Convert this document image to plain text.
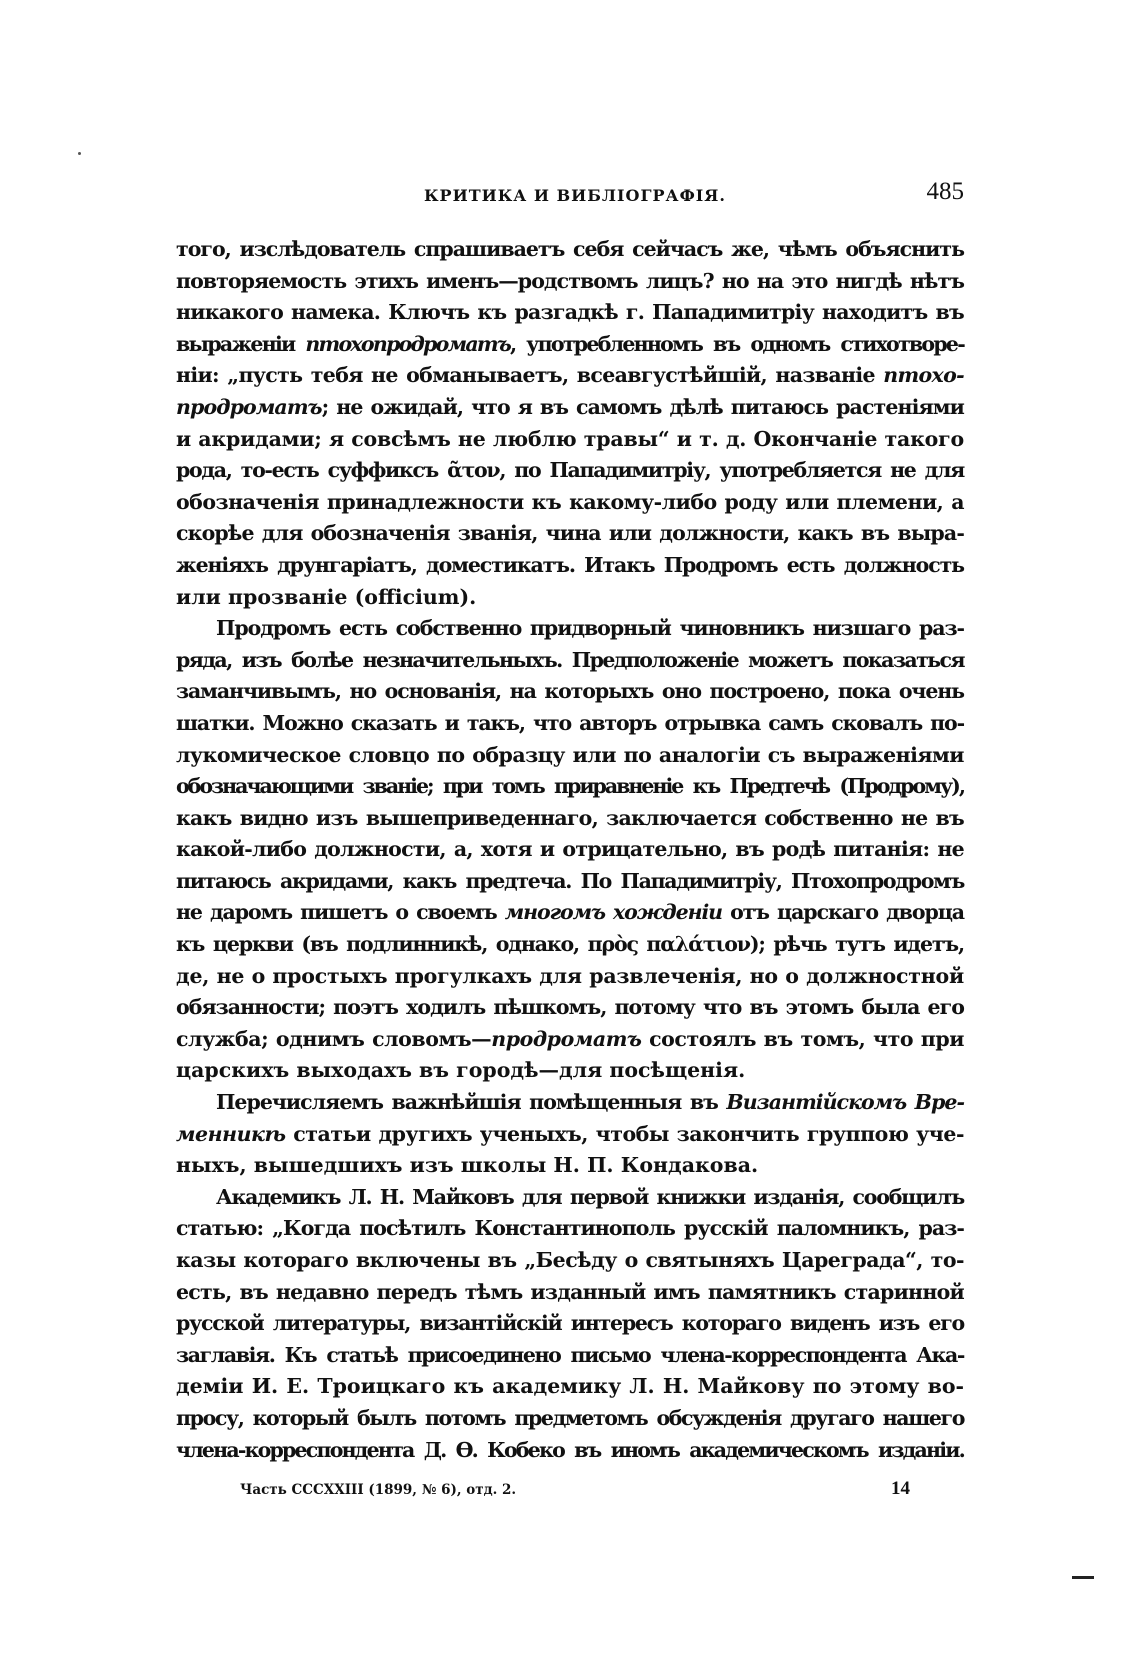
КРИТИКА И ВИБЛІОГРАФІЯ.	485
того, изслѣдователь спрашиваетъ себя сейчасъ же, чѣмъ объяснить
повторяемость этихъ именъ—родствомъ лицъ? но на это нигдѣ нѣтъ
никакого намека. Ключъ къ разгадкѣ г. Пападимитріу находитъ въ
выраженіи птохопродроматъ, употребленномъ въ одномъ стихотворе-
ніи: „пусть тебя не обманываетъ, всеавгустѣйшій, названіе птохо-
продроматъ; не ожидай, что я въ самомъ дѣлѣ питаюсь растеніями
и акридами; я совсѣмъ не люблю травы“ и т. д. Окончаніе такого
рода, то-есть суффиксъ ᾶτον, по Пападимитріу, употребляется не для
обозначенія принадлежности къ какому-либо роду или племени, а
скорѣе для обозначенія званія, чина или должности, какъ въ выра-
женіяхъ друнгаріатъ, доместикатъ. Итакъ Продромъ есть должность
или прозваніе (officium).
Продромъ есть собственно придворный чиновникъ низшаго раз-
ряда, изъ болѣе незначительныхъ. Предположеніе можетъ показаться
заманчивымъ, но основанія, на которыхъ оно построено, пока очень
шатки. Можно сказать и такъ, что авторъ отрывка самъ сковалъ по-
лукомическое словцо по образцу или по аналогіи съ выраженіями
обозначающими званіе; при томъ приравненіе къ Предтечѣ (Продрому),
какъ видно изъ вышеприведеннаго, заключается собственно не въ
какой-либо должности, а, хотя и отрицательно, въ родѣ питанія: не
питаюсь акридами, какъ предтеча. По Пападимитріу, Птохопродромъ
не даромъ пишетъ о своемъ многомъ хожденіи отъ царскаго дворца
къ церкви (въ подлинникѣ, однако, πρὸς παλάτιον); рѣчь тутъ идетъ,
де, не о простыхъ прогулкахъ для развлеченія, но о должностной
обязанности; поэтъ ходилъ пѣшкомъ, потому что въ этомъ была его
служба; однимъ словомъ—продроматъ состоялъ въ томъ, что при
царскихъ выходахъ въ городѣ—для посѣщенія.
Перечисляемъ важнѣйшія помѣщенныя въ Византійскомъ Вре-
менникѣ статьи другихъ ученыхъ, чтобы закончить группою уче-
ныхъ, вышедшихъ изъ школы Н. П. Кондакова.
Академикъ Л. Н. Майковъ для первой книжки изданія, сообщилъ
статью: „Когда посѣтилъ Константинополь русскій паломникъ, раз-
казы котораго включены въ „Бесѣду о святыняхъ Цареграда“, то-
есть, въ недавно передъ тѣмъ изданный имъ памятникъ старинной
русской литературы, византійскій интересъ котораго виденъ изъ его
заглавія. Къ статьѣ присоединено письмо члена-корреспондента Ака-
деміи И. Е. Троицкаго къ академику Л. Н. Майкову по этому во-
просу, который былъ потомъ предметомъ обсужденія другаго нашего
члена-корреспондента Д. Ѳ. Кобеко въ иномъ академическомъ изданіи.
Часть CCCXXIII (1899, № 6), отд. 2.	14
